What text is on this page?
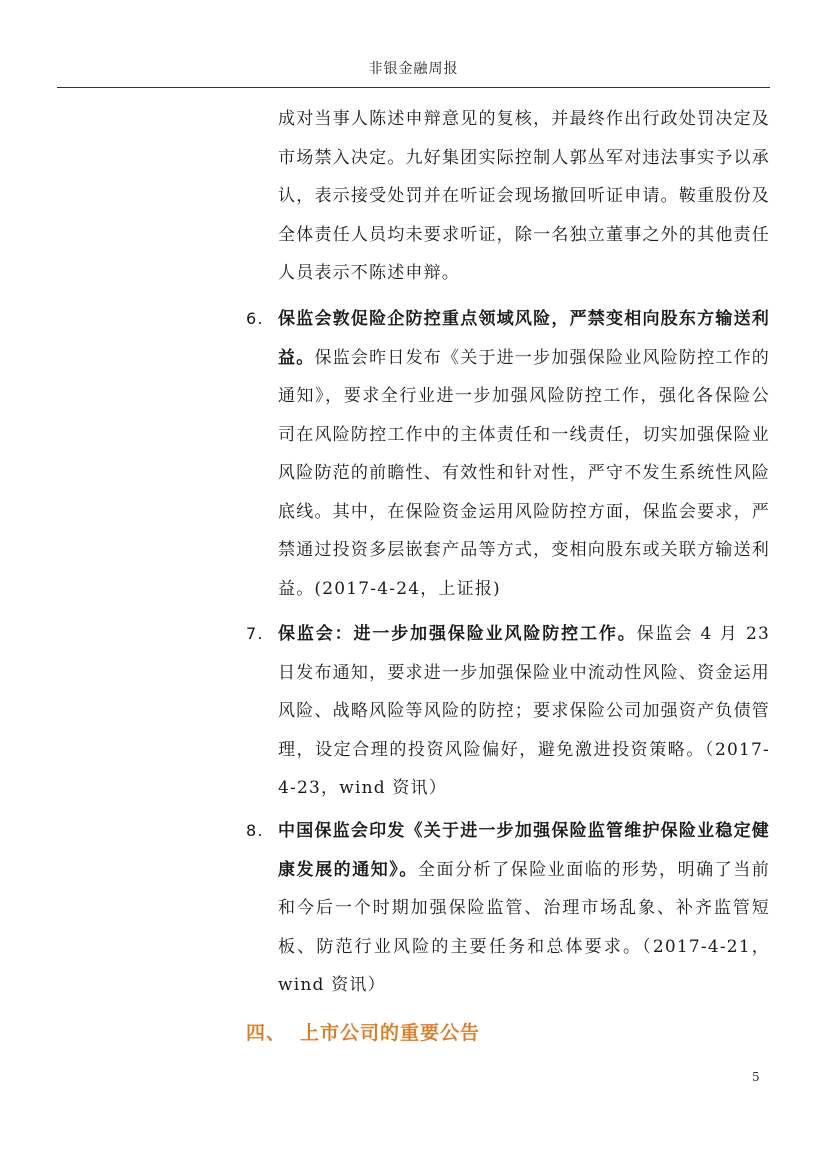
非银金融周报

成对当事人陈述申辩意见的复核，并最终作出行政处罚决定及市场禁入决定。九好集团实际控制人郭丛军对违法事实予以承认，表示接受处罚并在听证会现场撤回听证申请。鞍重股份及全体责任人员均未要求听证，除一名独立董事之外的其他责任人员表示不陈述申辩。

6. 保监会敦促险企防控重点领域风险，严禁变相向股东方输送利益。保监会昨日发布《关于进一步加强保险业风险防控工作的通知》，要求全行业进一步加强风险防控工作，强化各保险公司在风险防控工作中的主体责任和一线责任，切实加强保险业风险防范的前瞻性、有效性和针对性，严守不发生系统性风险底线。其中，在保险资金运用风险防控方面，保监会要求，严禁通过投资多层嵌套产品等方式，变相向股东或关联方输送利益。(2017-4-24，上证报)
7. 保监会：进一步加强保险业风险防控工作。保监会 4 月 23 日发布通知，要求进一步加强保险业中流动性风险、资金运用风险、战略风险等风险的防控；要求保险公司加强资产负债管理，设定合理的投资风险偏好，避免激进投资策略。（2017-4-23，wind 资讯）
8. 中国保监会印发《关于进一步加强保险监管维护保险业稳定健康发展的通知》。全面分析了保险业面临的形势，明确了当前和今后一个时期加强保险监管、治理市场乱象、补齐监管短板、防范行业风险的主要任务和总体要求。（2017-4-21，wind 资讯）
四、 上市公司的重要公告
5
